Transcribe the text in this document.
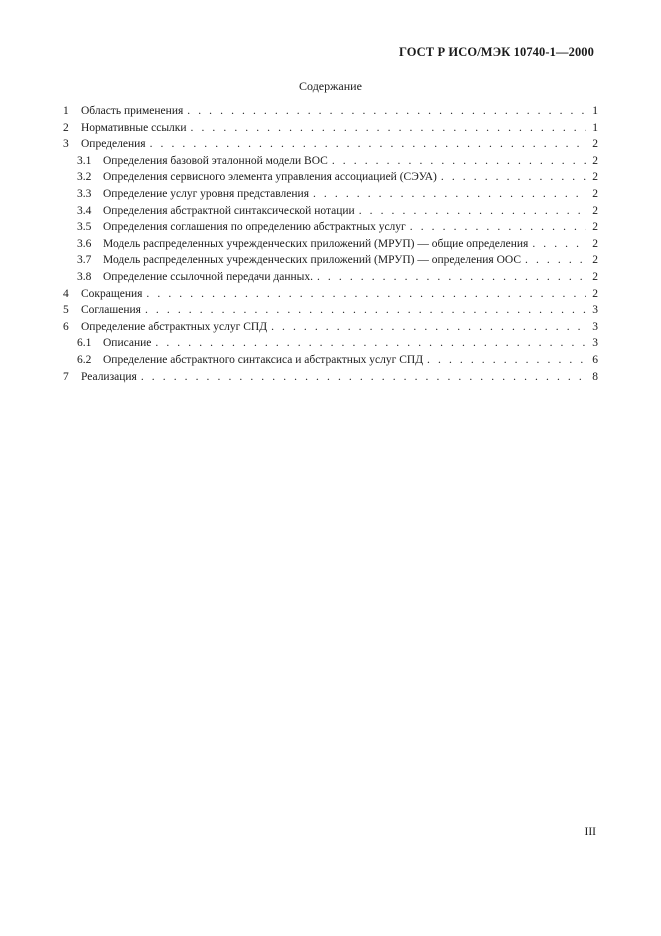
ГОСТ Р ИСО/МЭК 10740-1—2000
Содержание
1	Область применения . . .	1
2	Нормативные ссылки . . .	1
3	Определения . . .	2
3.1	Определения базовой эталонной модели ВОС . . .	2
3.2	Определения сервисного элемента управления ассоциацией (СЭУА) . . .	2
3.3	Определение услуг уровня представления . . .	2
3.4	Определения абстрактной синтаксической нотации . . .	2
3.5	Определения соглашения по определению абстрактных услуг . . .	2
3.6	Модель распределенных учрежденческих приложений (МРУП) — общие определения . . .	2
3.7	Модель распределенных учрежденческих приложений (МРУП) — определения ООС . . .	2
3.8	Определение ссылочной передачи данных. . . .	2
4	Сокращения . . .	2
5	Соглашения . . .	3
6	Определение абстрактных услуг СПД . . .	3
6.1	Описание . . .	3
6.2	Определение абстрактного синтаксиса и абстрактных услуг СПД . . .	6
7	Реализация . . .	8
III
